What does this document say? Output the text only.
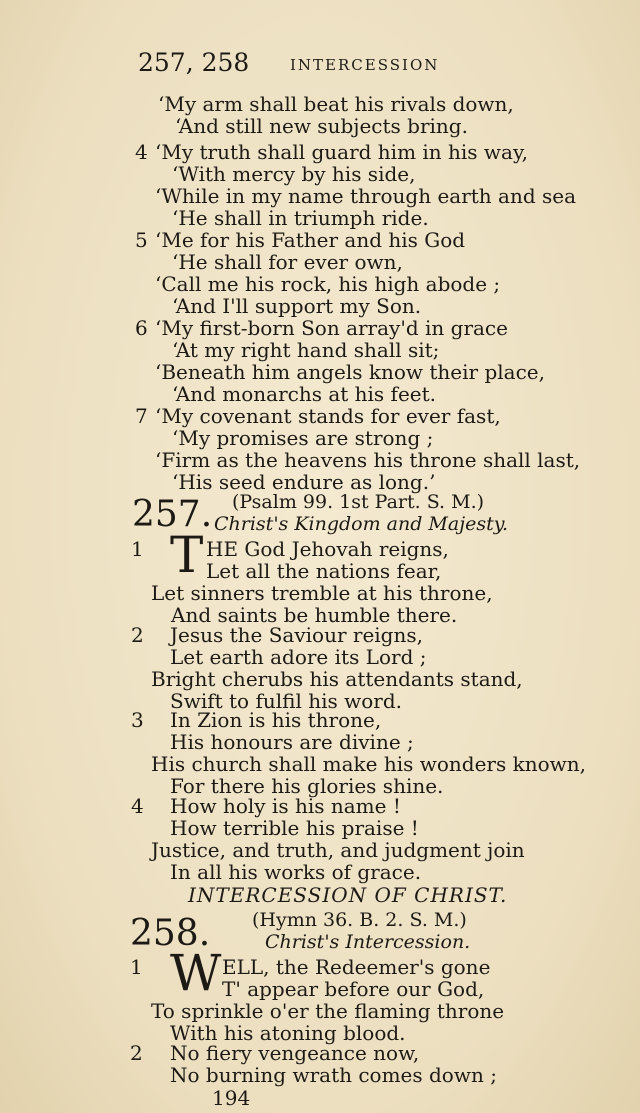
257, 258	INTERCESSION
‘My arm shall beat his rivals down,
‘And still new subjects bring.
4 ‘My truth shall guard him in his way,
‘With mercy by his side,
‘While in my name through earth and sea
‘He shall in triumph ride.
5 ‘Me for his Father and his God
‘He shall for ever own,
‘Call me his rock, his high abode ;
‘And I'll support my Son.
6 ‘My first-born Son array'd in grace
‘At my right hand shall sit;
‘Beneath him angels know their place,
‘And monarchs at his feet.
7 ‘My covenant stands for ever fast,
‘My promises are strong ;
‘Firm as the heavens his throne shall last,
‘His seed endure as long.’
257. (Psalm 99. 1st Part. S. M.)
Christ's Kingdom and Majesty.
1 T HE God Jehovah reigns,
Let all the nations fear,
Let sinners tremble at his throne,
And saints be humble there.
2 Jesus the Saviour reigns,
Let earth adore its Lord ;
Bright cherubs his attendants stand,
Swift to fulfil his word.
3 In Zion is his throne,
His honours are divine ;
His church shall make his wonders known,
For there his glories shine.
4 How holy is his name !
How terrible his praise !
Justice, and truth, and judgment join
In all his works of grace.
INTERCESSION OF CHRIST.
258. (Hymn 36. B. 2. S. M.)
Christ's Intercession.
1 W ELL, the Redeemer's gone
T' appear before our God,
To sprinkle o'er the flaming throne
With his atoning blood.
2 No fiery vengeance now,
No burning wrath comes down ;
194
